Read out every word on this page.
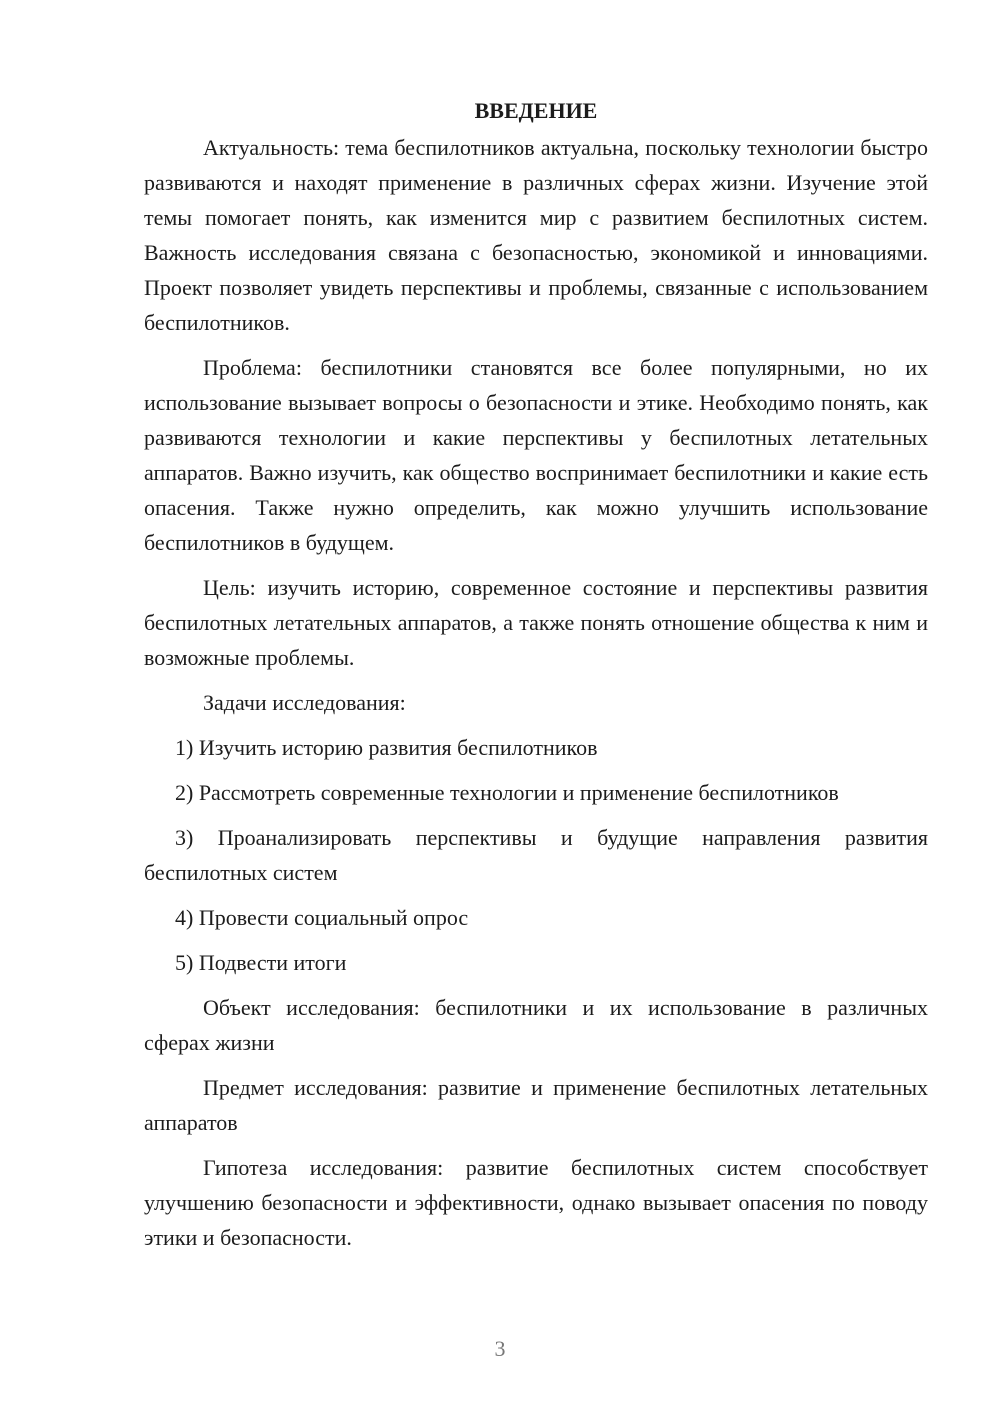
ВВЕДЕНИЕ

Актуальность: тема беспилотников актуальна, поскольку технологии быстро развиваются и находят применение в различных сферах жизни. Изучение этой темы помогает понять, как изменится мир с развитием беспилотных систем. Важность исследования связана с безопасностью, экономикой и инновациями. Проект позволяет увидеть перспективы и проблемы, связанные с использованием беспилотников.

Проблема: беспилотники становятся все более популярными, но их использование вызывает вопросы о безопасности и этике. Необходимо понять, как развиваются технологии и какие перспективы у беспилотных летательных аппаратов. Важно изучить, как общество воспринимает беспилотники и какие есть опасения. Также нужно определить, как можно улучшить использование беспилотников в будущем.

Цель: изучить историю, современное состояние и перспективы развития беспилотных летательных аппаратов, а также понять отношение общества к ним и возможные проблемы.

Задачи исследования:

1) Изучить историю развития беспилотников

2) Рассмотреть современные технологии и применение беспилотников

3) Проанализировать перспективы и будущие направления развития беспилотных систем

4) Провести социальный опрос

5) Подвести итоги

Объект исследования: беспилотники и их использование в различных сферах жизни

Предмет исследования: развитие и применение беспилотных летательных аппаратов

Гипотеза исследования: развитие беспилотных систем способствует улучшению безопасности и эффективности, однако вызывает опасения по поводу этики и безопасности.

3
